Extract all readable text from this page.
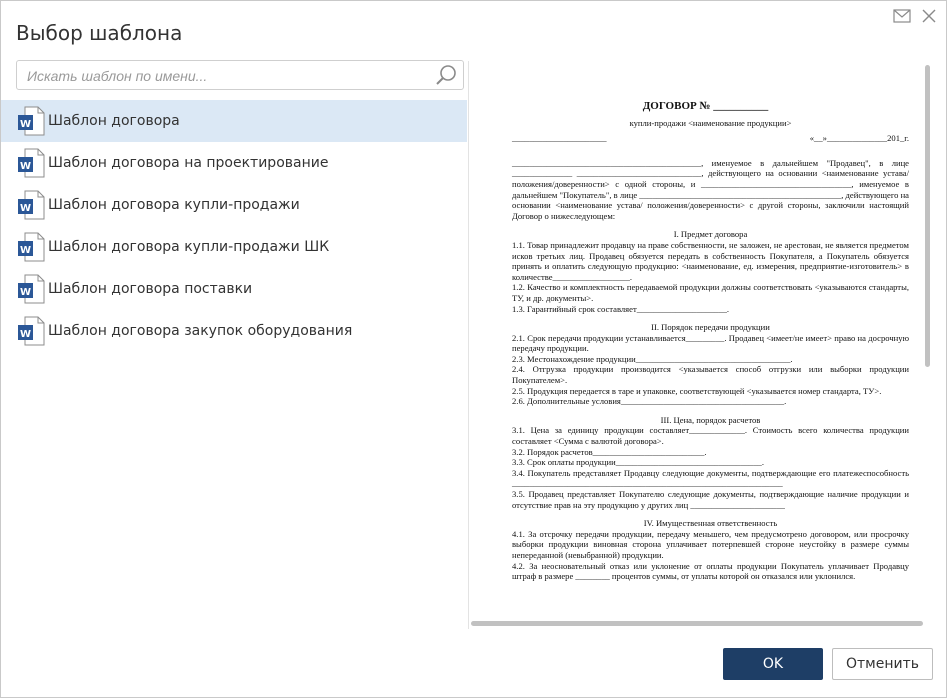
Выбор шаблона
Искать шаблон по имени...
W Шаблон договора
W Шаблон договора на проектирование
W Шаблон договора купли-продажи
W Шаблон договора купли-продажи ШК
W Шаблон договора поставки
W Шаблон договора закупок оборудования
ДОГОВОР № __________
купли-продажи <наименование продукции>
______________________	«__»______________201_г.

____________________________________________, именуемое в дальнейшем "Продавец", в лице ______________ _____________________________, действующего на основании <наименование устава/ положения/доверенности> с одной стороны, и ___________________________________, именуемое в дальнейшем "Покупатель", в лице _______________________________________________, действующего на основании <наименование устава/ положения/доверенности> с другой стороны, заключили настоящий Договор о нижеследующем:

I. Предмет договора

1.1. Товар принадлежит продавцу на праве собственности, не заложен, не арестован, не является предметом исков третьих лиц. Продавец обязуется передать в собственность Покупателя, а Покупатель обязуется принять и оплатить следующую продукцию: <наименование, ед. измерения, предприятие-изготовитель> в количестве__________________.

1.2. Качество и комплектность передаваемой продукции должны соответствовать <указываются стандарты, ТУ, и др. документы>.

1.3. Гарантийный срок составляет_____________________.

II. Порядок передачи продукции

2.1. Срок передачи продукции устанавливается_________. Продавец <имеет/не имеет> право на досрочную передачу продукции.

2.3. Местонахождение продукции____________________________________.

2.4. Отгрузка продукции производится <указывается способ отгрузки или выборки продукции Покупателем>.

2.5. Продукция передается в таре и упаковке, соответствующей <указывается номер стандарта, ТУ>.

2.6. Дополнительные условия______________________________________.

III. Цена, порядок расчетов

3.1. Цена за единицу продукции составляет_____________. Стоимость всего количества продукции составляет <Сумма с валютой договора>.

3.2. Порядок расчетов__________________________.

3.3. Срок оплаты продукции__________________________________.

3.4. Покупатель представляет Продавцу следующие документы, подтверждающие его платежеспособность _______________________________________________________________

3.5. Продавец представляет Покупателю следующие документы, подтверждающие наличие продукции и отсутствие прав на эту продукцию у других лиц ______________________

IV. Имущественная ответственность

4.1. За отсрочку передачи продукции, передачу меньшего, чем предусмотрено договором, или просрочку выборки продукции виновная сторона уплачивает потерпевшей стороне неустойку в размере суммы непереданной (невыбранной) продукции.

4.2. За неосновательный отказ или уклонение от оплаты продукции Покупатель уплачивает Продавцу штраф в размере ________ процентов суммы, от уплаты которой он отказался или уклонился.

OK	Отменить
